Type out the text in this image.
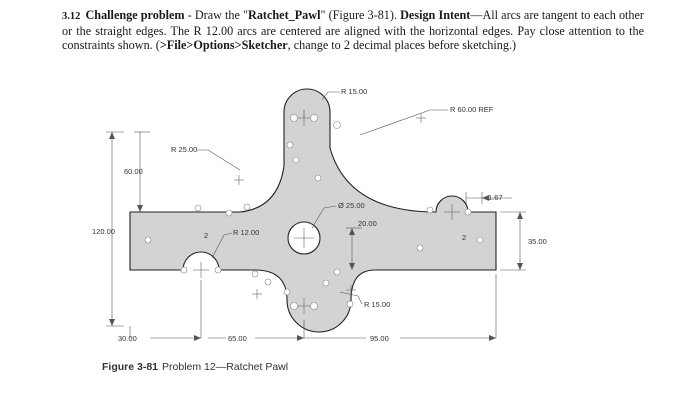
3.12 Challenge problem - Draw the "Ratchet_Pawl" (Figure 3-81). Design Intent—All arcs are tangent to each other or the straight edges. The R 12.00 arcs are centered are aligned with the horizontal edges. Pay close attention to the constraints shown. (>File>Options>Sketcher, change to 2 decimal places before sketching.)
R 15.00
R 60.00 REF
R 25.00
60.00
Ø 25.00
1.67
20.00
120.00	R 12.00
35.00
R 15.00
30.00	65.00	95.00
2	2
Figure 3-81 Problem 12—Ratchet Pawl
